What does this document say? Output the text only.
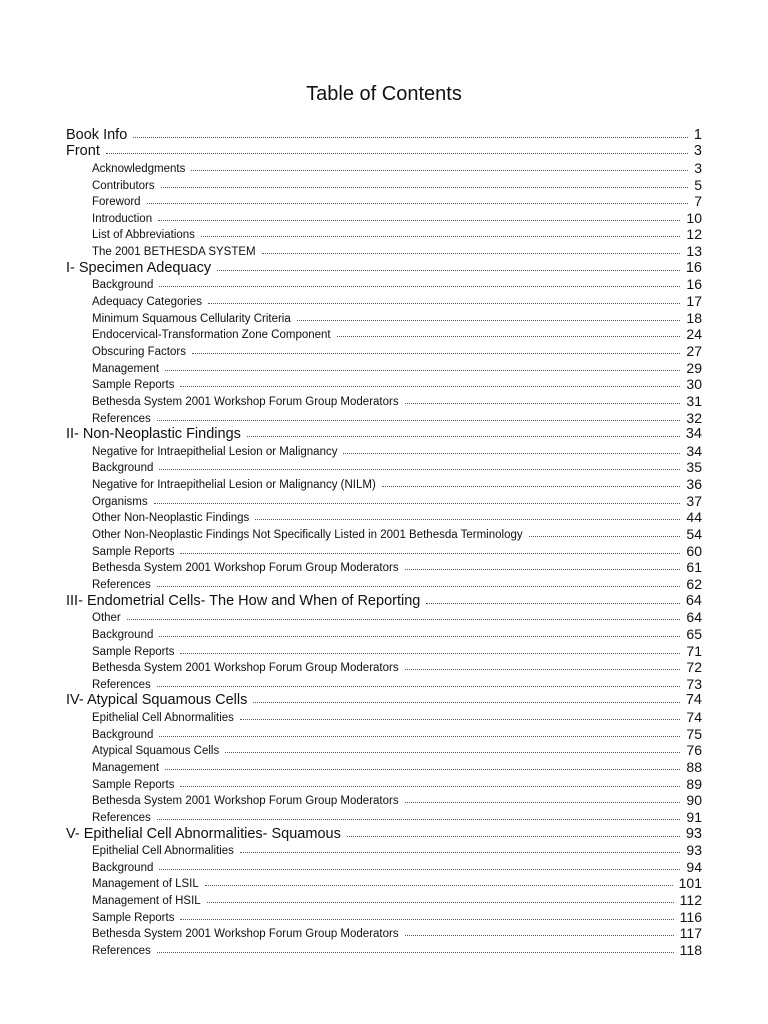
Table of Contents
Book Info	1
Front	3
Acknowledgments	3
Contributors	5
Foreword	7
Introduction	10
List of Abbreviations	12
The 2001 BETHESDA SYSTEM	13
I- Specimen Adequacy	16
Background	16
Adequacy Categories	17
Minimum Squamous Cellularity Criteria	18
Endocervical-Transformation Zone Component	24
Obscuring Factors	27
Management	29
Sample Reports	30
Bethesda System 2001 Workshop Forum Group Moderators	31
References	32
II- Non-Neoplastic Findings	34
Negative for Intraepithelial Lesion or Malignancy	34
Background	35
Negative for Intraepithelial Lesion or Malignancy (NILM)	36
Organisms	37
Other Non-Neoplastic Findings	44
Other Non-Neoplastic Findings Not Specifically Listed in 2001 Bethesda Terminology	54
Sample Reports	60
Bethesda System 2001 Workshop Forum Group Moderators	61
References	62
III- Endometrial Cells- The How and When of Reporting	64
Other	64
Background	65
Sample Reports	71
Bethesda System 2001 Workshop Forum Group Moderators	72
References	73
IV- Atypical Squamous Cells	74
Epithelial Cell Abnormalities	74
Background	75
Atypical Squamous Cells	76
Management	88
Sample Reports	89
Bethesda System 2001 Workshop Forum Group Moderators	90
References	91
V- Epithelial Cell Abnormalities- Squamous	93
Epithelial Cell Abnormalities	93
Background	94
Management of LSIL	101
Management of HSIL	112
Sample Reports	116
Bethesda System 2001 Workshop Forum Group Moderators	117
References	118
